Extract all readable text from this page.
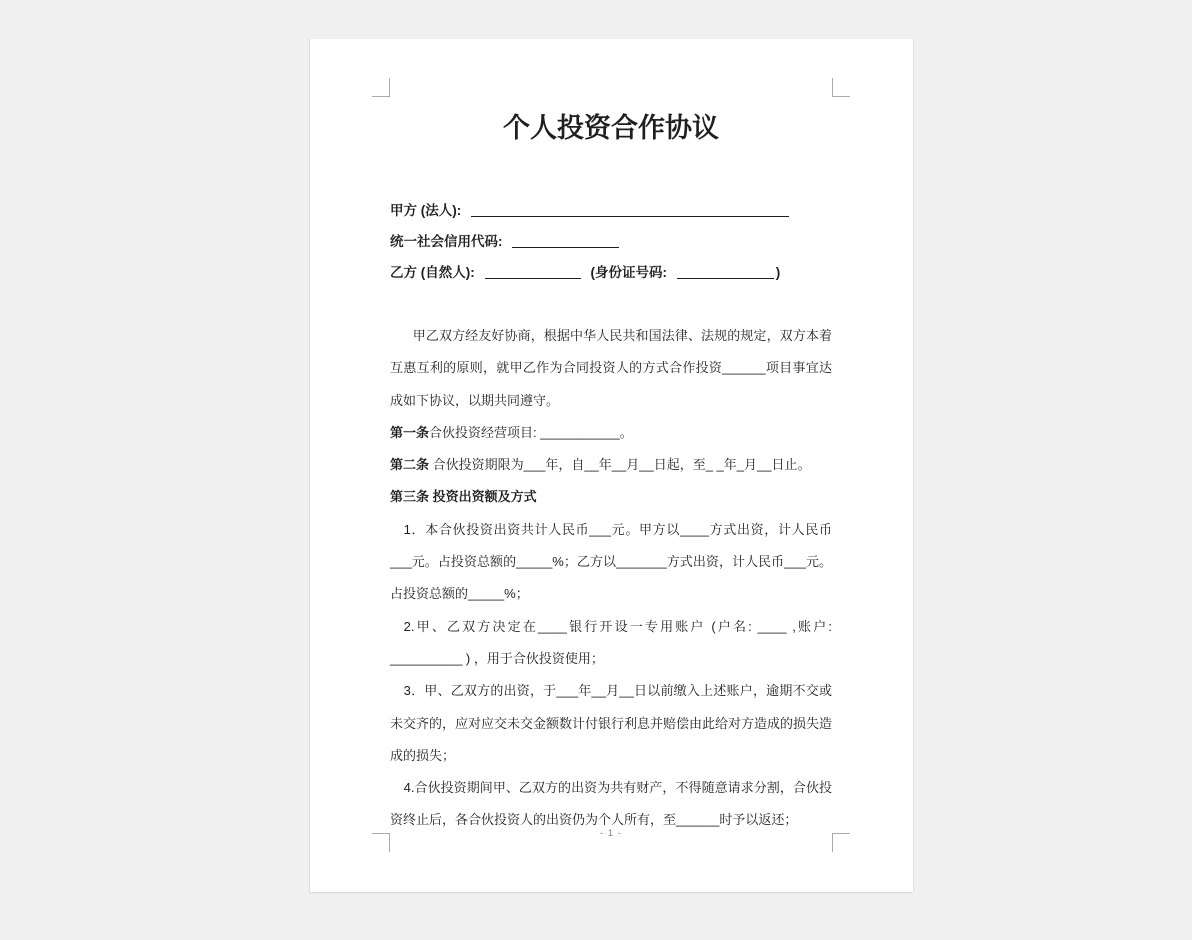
个人投资合作协议
甲方 (法人):
统一社会信用代码:
乙方 (自然人):	(身份证号码:	)

甲乙双方经友好协商，根据中华人民共和国法律、法规的规定，双方本着互惠互利的原则，就甲乙作为合同投资人的方式合作投资______项目事宜达成如下协议，以期共同遵守。

第一条合伙投资经营项目: ___________。

第二条 合伙投资期限为___年，自__年__月__日起，至_ _年_月__日止。

第三条 投资出资额及方式

1．本合伙投资出资共计人民币___元。甲方以____方式出资，计人民币___元。占投资总额的_____%；乙方以_______方式出资，计人民币___元。占投资总额的_____%；

2.甲、乙双方决定在____银行开设一专用账户 (户名: ____ ,账户: __________ ) ，用于合伙投资使用；

3．甲、乙双方的出资，于___年__月__日以前缴入上述账户，逾期不交或未交齐的，应对应交未交金额数计付银行利息并赔偿由此给对方造成的损失造成的损失；

4.合伙投资期间甲、乙双方的出资为共有财产，不得随意请求分割，合伙投资终止后，各合伙投资人的出资仍为个人所有，至______时予以返还；

- 1 -
